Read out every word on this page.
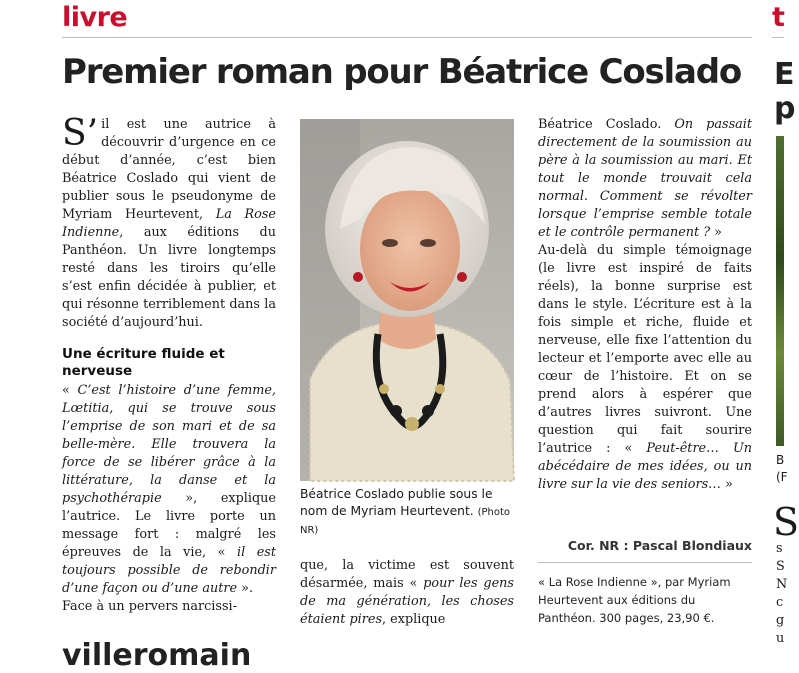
livre	t
Premier roman pour Béatrice Coslado

S’ il est une autrice à découvrir d’urgence en ce début d’année, c’est bien Béatrice Coslado qui vient de publier sous le pseudonyme de Myriam Heurtevent, La Rose Indienne, aux éditions du Panthéon. Un livre longtemps resté dans les tiroirs qu’elle s’est enfin décidée à publier, et qui résonne terriblement dans la société d’aujourd’hui.

Une écriture fluide et nerveuse

« C’est l’histoire d’une femme, Lœtitia, qui se trouve sous l’emprise de son mari et de sa belle-mère. Elle trouvera la force de se libérer grâce à la littérature, la danse et la psychothérapie », explique l’autrice. Le livre porte un message fort : malgré les épreuves de la vie, « il est toujours possible de rebondir d’une façon ou d’une autre ».

Face à un pervers narcissi-

Béatrice Coslado publie sous le nom de Myriam Heurtevent. (Photo NR)

que, la victime est souvent désarmée, mais « pour les gens de ma génération, les choses étaient pires, explique

Béatrice Coslado. On passait directement de la soumission au père à la soumission au mari. Et tout le monde trouvait cela normal. Comment se révolter lorsque l’emprise semble totale et le contrôle permanent ? »

Au-delà du simple témoignage (le livre est inspiré de faits réels), la bonne surprise est dans le style. L’écriture est à la fois simple et riche, fluide et nerveuse, elle fixe l’attention du lecteur et l’emporte avec elle au cœur de l’histoire. Et on se prend alors à espérer que d’autres livres suivront. Une question qui fait sourire l’autrice : « Peut-être… Un abécédaire de mes idées, ou un livre sur la vie des seniors… »

Cor. NR : Pascal Blondiaux
« La Rose Indienne », par Myriam Heurtevent aux éditions du Panthéon. 300 pages, 23,90 €.
E
p
B
(F
S
s
S
N
c
g
u
villeromain
